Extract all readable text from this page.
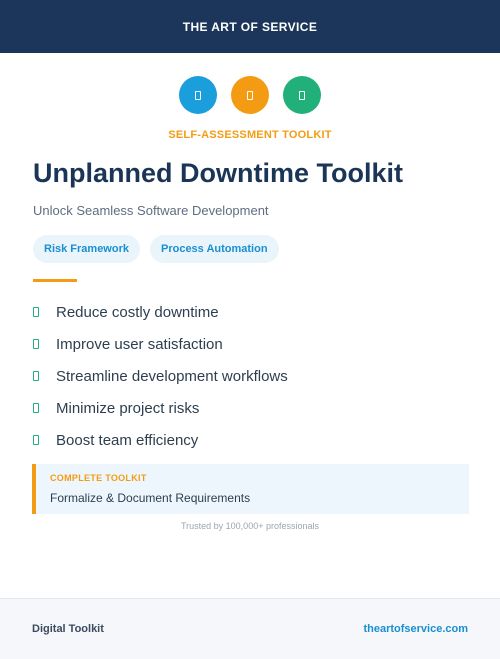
THE ART OF SERVICE
SELF-ASSESSMENT TOOLKIT
Unplanned Downtime Toolkit
Unlock Seamless Software Development
Risk Framework	Process Automation
Reduce costly downtime
Improve user satisfaction
Streamline development workflows
Minimize project risks
Boost team efficiency
COMPLETE TOOLKIT
Formalize & Document Requirements
Trusted by 100,000+ professionals
Digital Toolkit	theartofservice.com
